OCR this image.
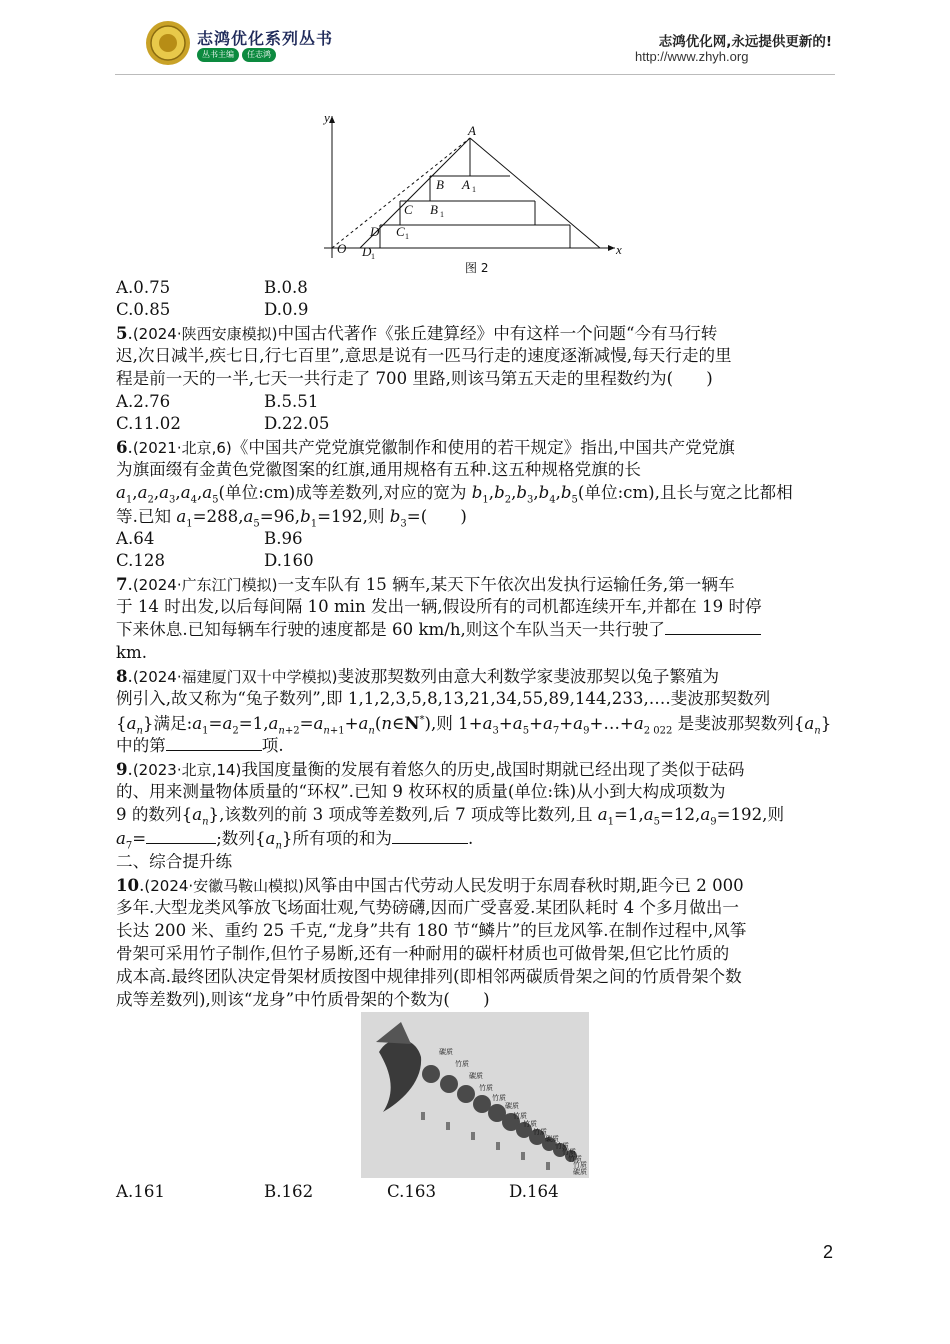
志鸿优化系列丛书
丛书主编	任志鸿
志鸿优化网,永远提供更新的!
http://www.zhyh.org
y
x
O
A
A 1
B
B 1
C
C 1
D
D 1
图 2
A.0.75	B.0.8
C.0.85	D.0.9
5.(2024·陕西安康模拟)中国古代著作《张丘建算经》中有这样一个问题“今有马行转
迟,次日减半,疾七日,行七百里”,意思是说有一匹马行走的速度逐渐减慢,每天行走的里
程是前一天的一半,七天一共行走了 700 里路,则该马第五天走的里程数约为(　　)
A.2.76	B.5.51
C.11.02	D.22.05
6.(2021·北京,6)《中国共产党党旗党徽制作和使用的若干规定》指出,中国共产党党旗
为旗面缀有金黄色党徽图案的红旗,通用规格有五种.这五种规格党旗的长
$a_1,a_2,a_3,a_4,a_5$(单位:cm)成等差数列,对应的宽为 $b_1,b_2,b_3,b_4,b_5$(单位:cm),且长与宽之比都相
等.已知 $a_1=288,a_5=96,b_1=192$,则 $b_3=$(　　)
A.64	B.96
C.128	D.160
7.(2024·广东江门模拟)一支车队有 15 辆车,某天下午依次出发执行运输任务,第一辆车
于 14 时出发,以后每间隔 10 min 发出一辆,假设所有的司机都连续开车,并都在 19 时停
下来休息.已知每辆车行驶的速度都是 60 km/h,则这个车队当天一共行驶了
km.
8.(2024·福建厦门双十中学模拟)斐波那契数列由意大利数学家斐波那契以兔子繁殖为
例引入,故又称为“兔子数列”,即 1,1,2,3,5,8,13,21,34,55,89,144,233,….斐波那契数列
$\{a_n\}$满足$:a_1=a_2=1,a_{n+2}=a_{n+1}+a_n(n\in N^*)$,则 $1+a_3+a_5+a_7+a_9+\dots+a_{2 022}$ 是斐波那契数列$\{a_n\}$
中的第	项.
9.(2023·北京,14)我国度量衡的发展有着悠久的历史,战国时期就已经出现了类似于砝码
的、用来测量物体质量的“环权”.已知 9 枚环权的质量(单位:铢)从小到大构成项数为
9 的数列$\{a_n\}$,该数列的前 3 项成等差数列,后 7 项成等比数列,且 $a_1=1,a_5=12,a_9=192$,则
$a_7=$	;数列$\{a_n\}$所有项的和为	.
二、综合提升练
10.(2024·安徽马鞍山模拟)风筝由中国古代劳动人民发明于东周春秋时期,距今已 2 000
多年.大型龙类风筝放飞场面壮观,气势磅礴,因而广受喜爱.某团队耗时 4 个多月做出一
长达 200 米、重约 25 千克,“龙身”共有 180 节“鳞片”的巨龙风筝.在制作过程中,风筝
骨架可采用竹子制作,但竹子易断,还有一种耐用的碳杆材质也可做骨架,但它比竹质的
成本高.最终团队决定骨架材质按图中规律排列(即相邻两碳质骨架之间的竹质骨架个数
成等差数列),则该“龙身”中竹质骨架的个数为(　　)
碳质
竹质
碳质
竹质
竹质
碳质
竹质
竹质
竹质
碳质
竹质
竹质
竹质
竹质
碳质
A.161	B.162	C.163	D.164
2
